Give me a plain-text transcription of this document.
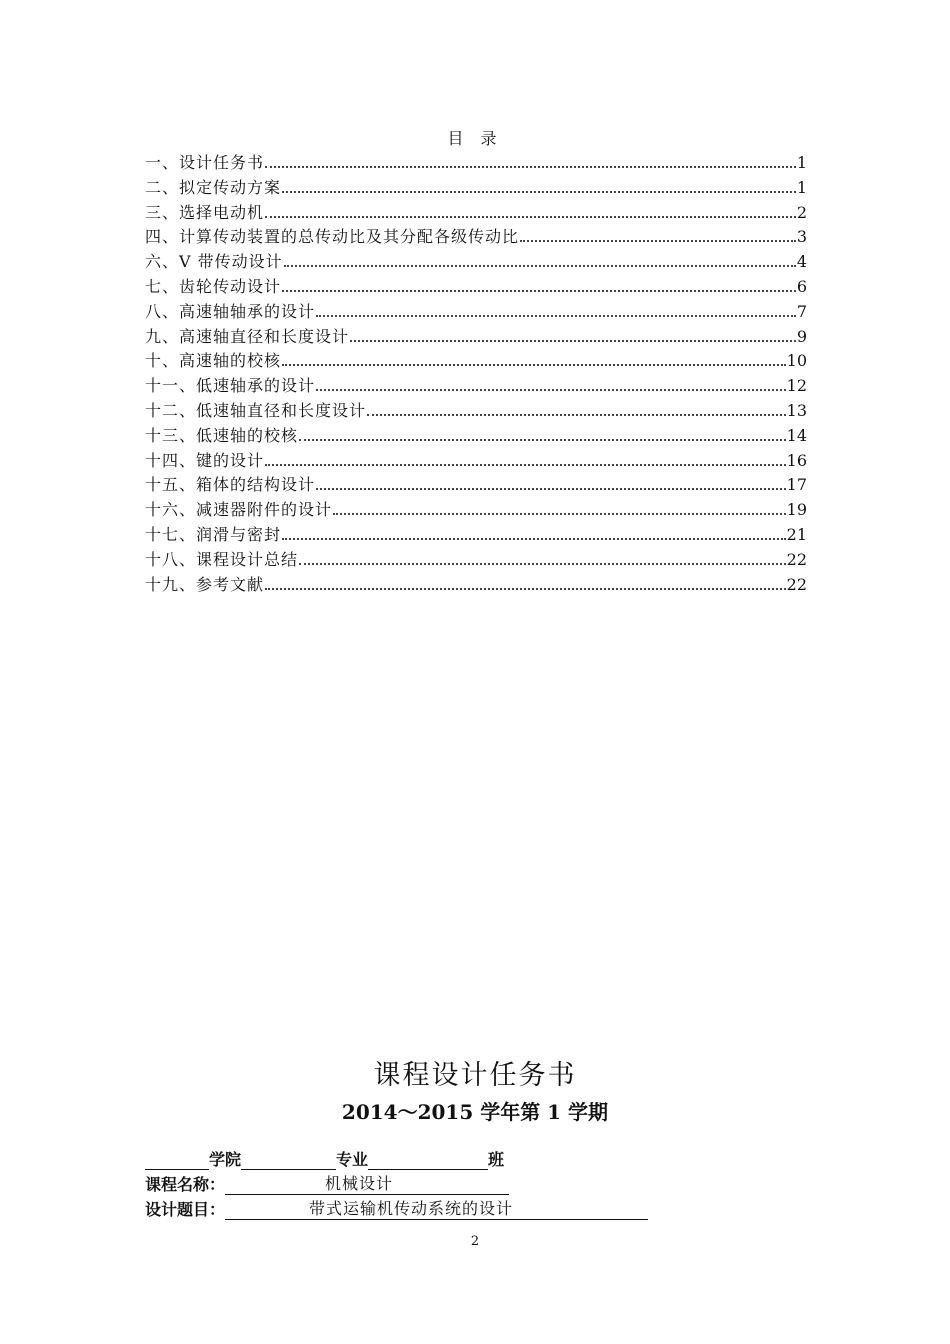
目 录
一、设计任务书	1
二、拟定传动方案	1
三、选择电动机	2
四、计算传动装置的总传动比及其分配各级传动比	3
六、V 带传动设计	4
七、齿轮传动设计	6
八、高速轴轴承的设计	7
九、高速轴直径和长度设计	9
十、高速轴的校核	10
十一、低速轴承的设计	12
十二、低速轴直径和长度设计	13
十三、低速轴的校核	14
十四、键的设计	16
十五、箱体的结构设计	17
十六、减速器附件的设计	19
十七、润滑与密封	21
十八、课程设计总结	22
十九、参考文献	22
课程设计任务书
2014～2015 学年第 1 学期
学院	专业	班
课程名称：	机械设计
设计题目：	带式运输机传动系统的设计
2
